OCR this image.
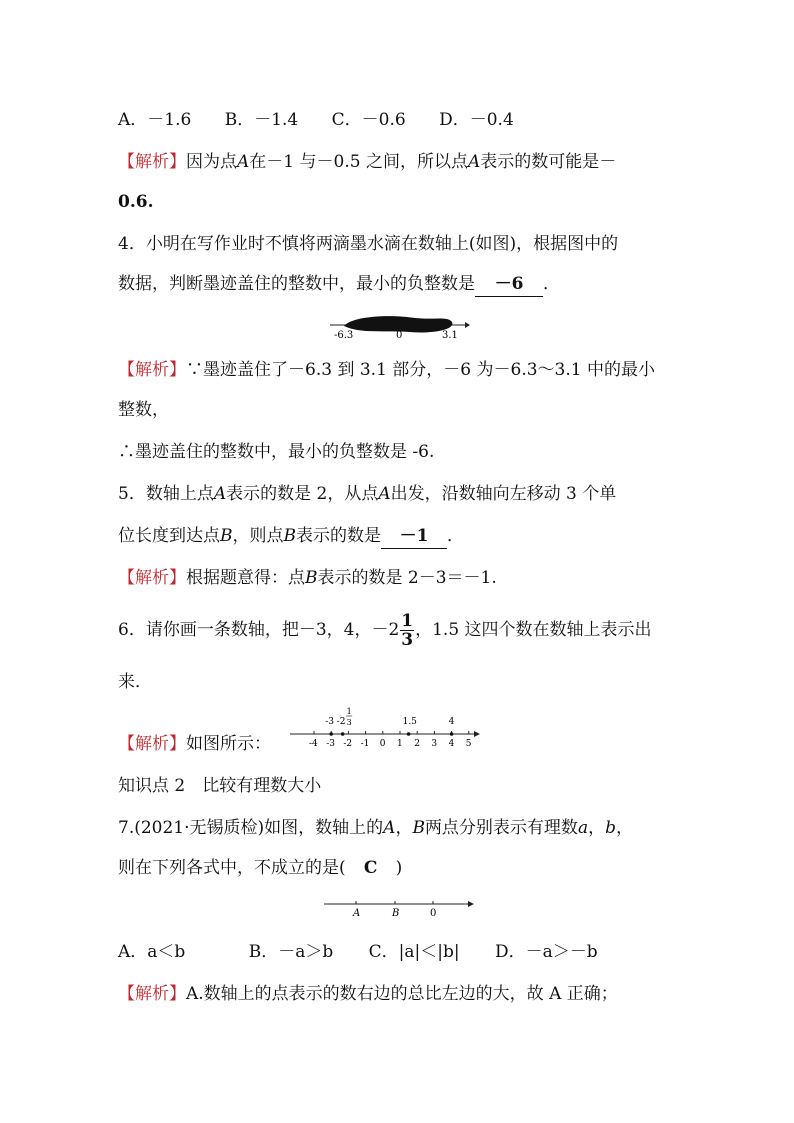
A．－1.6 B．－1.4 C．－0.6 D．－0.4
【解析】因为点A在－1 与－0.5 之间，所以点A表示的数可能是－
0.6.
4．小明在写作业时不慎将两滴墨水滴在数轴上(如图)，根据图中的
数据，判断墨迹盖住的整数中，最小的负整数是 －6 ．
-6.3	0	3.1
【解析】∵墨迹盖住了－6.3 到 3.1 部分，－6 为－6.3～3.1 中的最小
整数，
∴墨迹盖住的整数中，最小的负整数是 -6.
5．数轴上点A表示的数是 2，从点A出发，沿数轴向左移动 3 个单
位长度到达点B，则点B表示的数是 －1 ．
【解析】根据题意得：点B表示的数是 2－3＝－1.
6．请你画一条数轴，把－3，4，$-2 \frac{1}{3}$ ，1.5 这四个数在数轴上表示出
来．
【解析】如图所示：	-4 -3 -2 -1 0 1 2 3 4 5
-3 -2	1.5	4
1
3
知识点 2　比较有理数大小
7.(2021·无锡质检)如图，数轴上的A，B两点分别表示有理数a，b，
则在下列各式中，不成立的是( C )
A	B	0
A．a＜b	B．－a＞b C．|a|＜|b| D．－a＞－b
【解析】A.数轴上的点表示的数右边的总比左边的大，故 A 正确；
